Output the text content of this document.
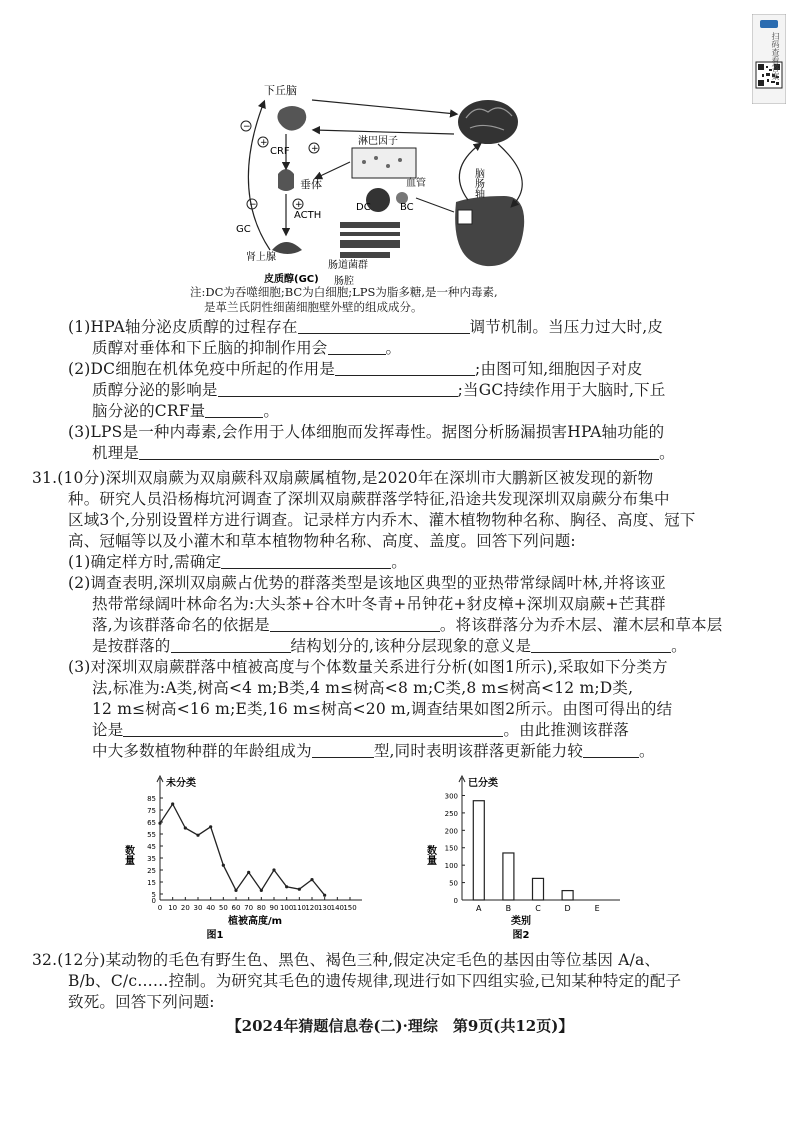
扫码查看答案
下丘脑
CRF
+
−
+
垂体
ACTH
+
GC
−
肾上腺
淋巴因子
血管
DC	BC
肠道菌群
肠腔
脑肠轴
皮质醇(GC)
注:DC为吞噬细胞;BC为白细胞;LPS为脂多糖,是一种内毒素,
是革兰氏阴性细菌细胞壁外壁的组成成分。
(1)HPA轴分泌皮质醇的过程存在	调节机制。当压力过大时,皮
质醇对垂体和下丘脑的抑制作用会	。
(2)DC细胞在机体免疫中所起的作用是	;由图可知,细胞因子对皮
质醇分泌的影响是	;当GC持续作用于大脑时,下丘
脑分泌的CRF量	。
(3)LPS是一种内毒素,会作用于人体细胞而发挥毒性。据图分析肠漏损害HPA轴功能的
机理是	。
31.(10分)深圳双扇蕨为双扇蕨科双扇蕨属植物,是2020年在深圳市大鹏新区被发现的新物
种。研究人员沿杨梅坑河调查了深圳双扇蕨群落学特征,沿途共发现深圳双扇蕨分布集中
区域3个,分别设置样方进行调查。记录样方内乔木、灌木植物物种名称、胸径、高度、冠下
高、冠幅等以及小灌木和草本植物物种名称、高度、盖度。回答下列问题:
(1)确定样方时,需确定	。
(2)调查表明,深圳双扇蕨占优势的群落类型是该地区典型的亚热带常绿阔叶林,并将该亚
热带常绿阔叶林命名为:大头茶+谷木叶冬青+吊钟花+豺皮樟+深圳双扇蕨+芒萁群
落,为该群落命名的依据是	。将该群落分为乔木层、灌木层和草本层
是按群落的	结构划分的,该种分层现象的意义是	。
(3)对深圳双扇蕨群落中植被高度与个体数量关系进行分析(如图1所示),采取如下分类方
法,标准为:A类,树高<4 m;B类,4 m≤树高<8 m;C类,8 m≤树高<12 m;D类,
12 m≤树高<16 m;E类,16 m≤树高<20 m,调查结果如图2所示。由图可得出的结
论是	。由此推测该群落
中大多数植物种群的年龄组成为	型,同时表明该群落更新能力较	。
0
5
15
25
35
45
55
65
75
85
0 10 20 30 40 50 60 70 80 90 100 110 120 130 140 150
未分类
数量
植被高度/m
图1
0
50
100
150
200
250
300
A	B	C	D	E
已分类
数量
类别
图2
32.(12分)某动物的毛色有野生色、黑色、褐色三种,假定决定毛色的基因由等位基因 A/a、
B/b、C/c……控制。为研究其毛色的遗传规律,现进行如下四组实验,已知某种特定的配子
致死。回答下列问题:
【2024年猜题信息卷(二)·理综　第9页(共12页)】
